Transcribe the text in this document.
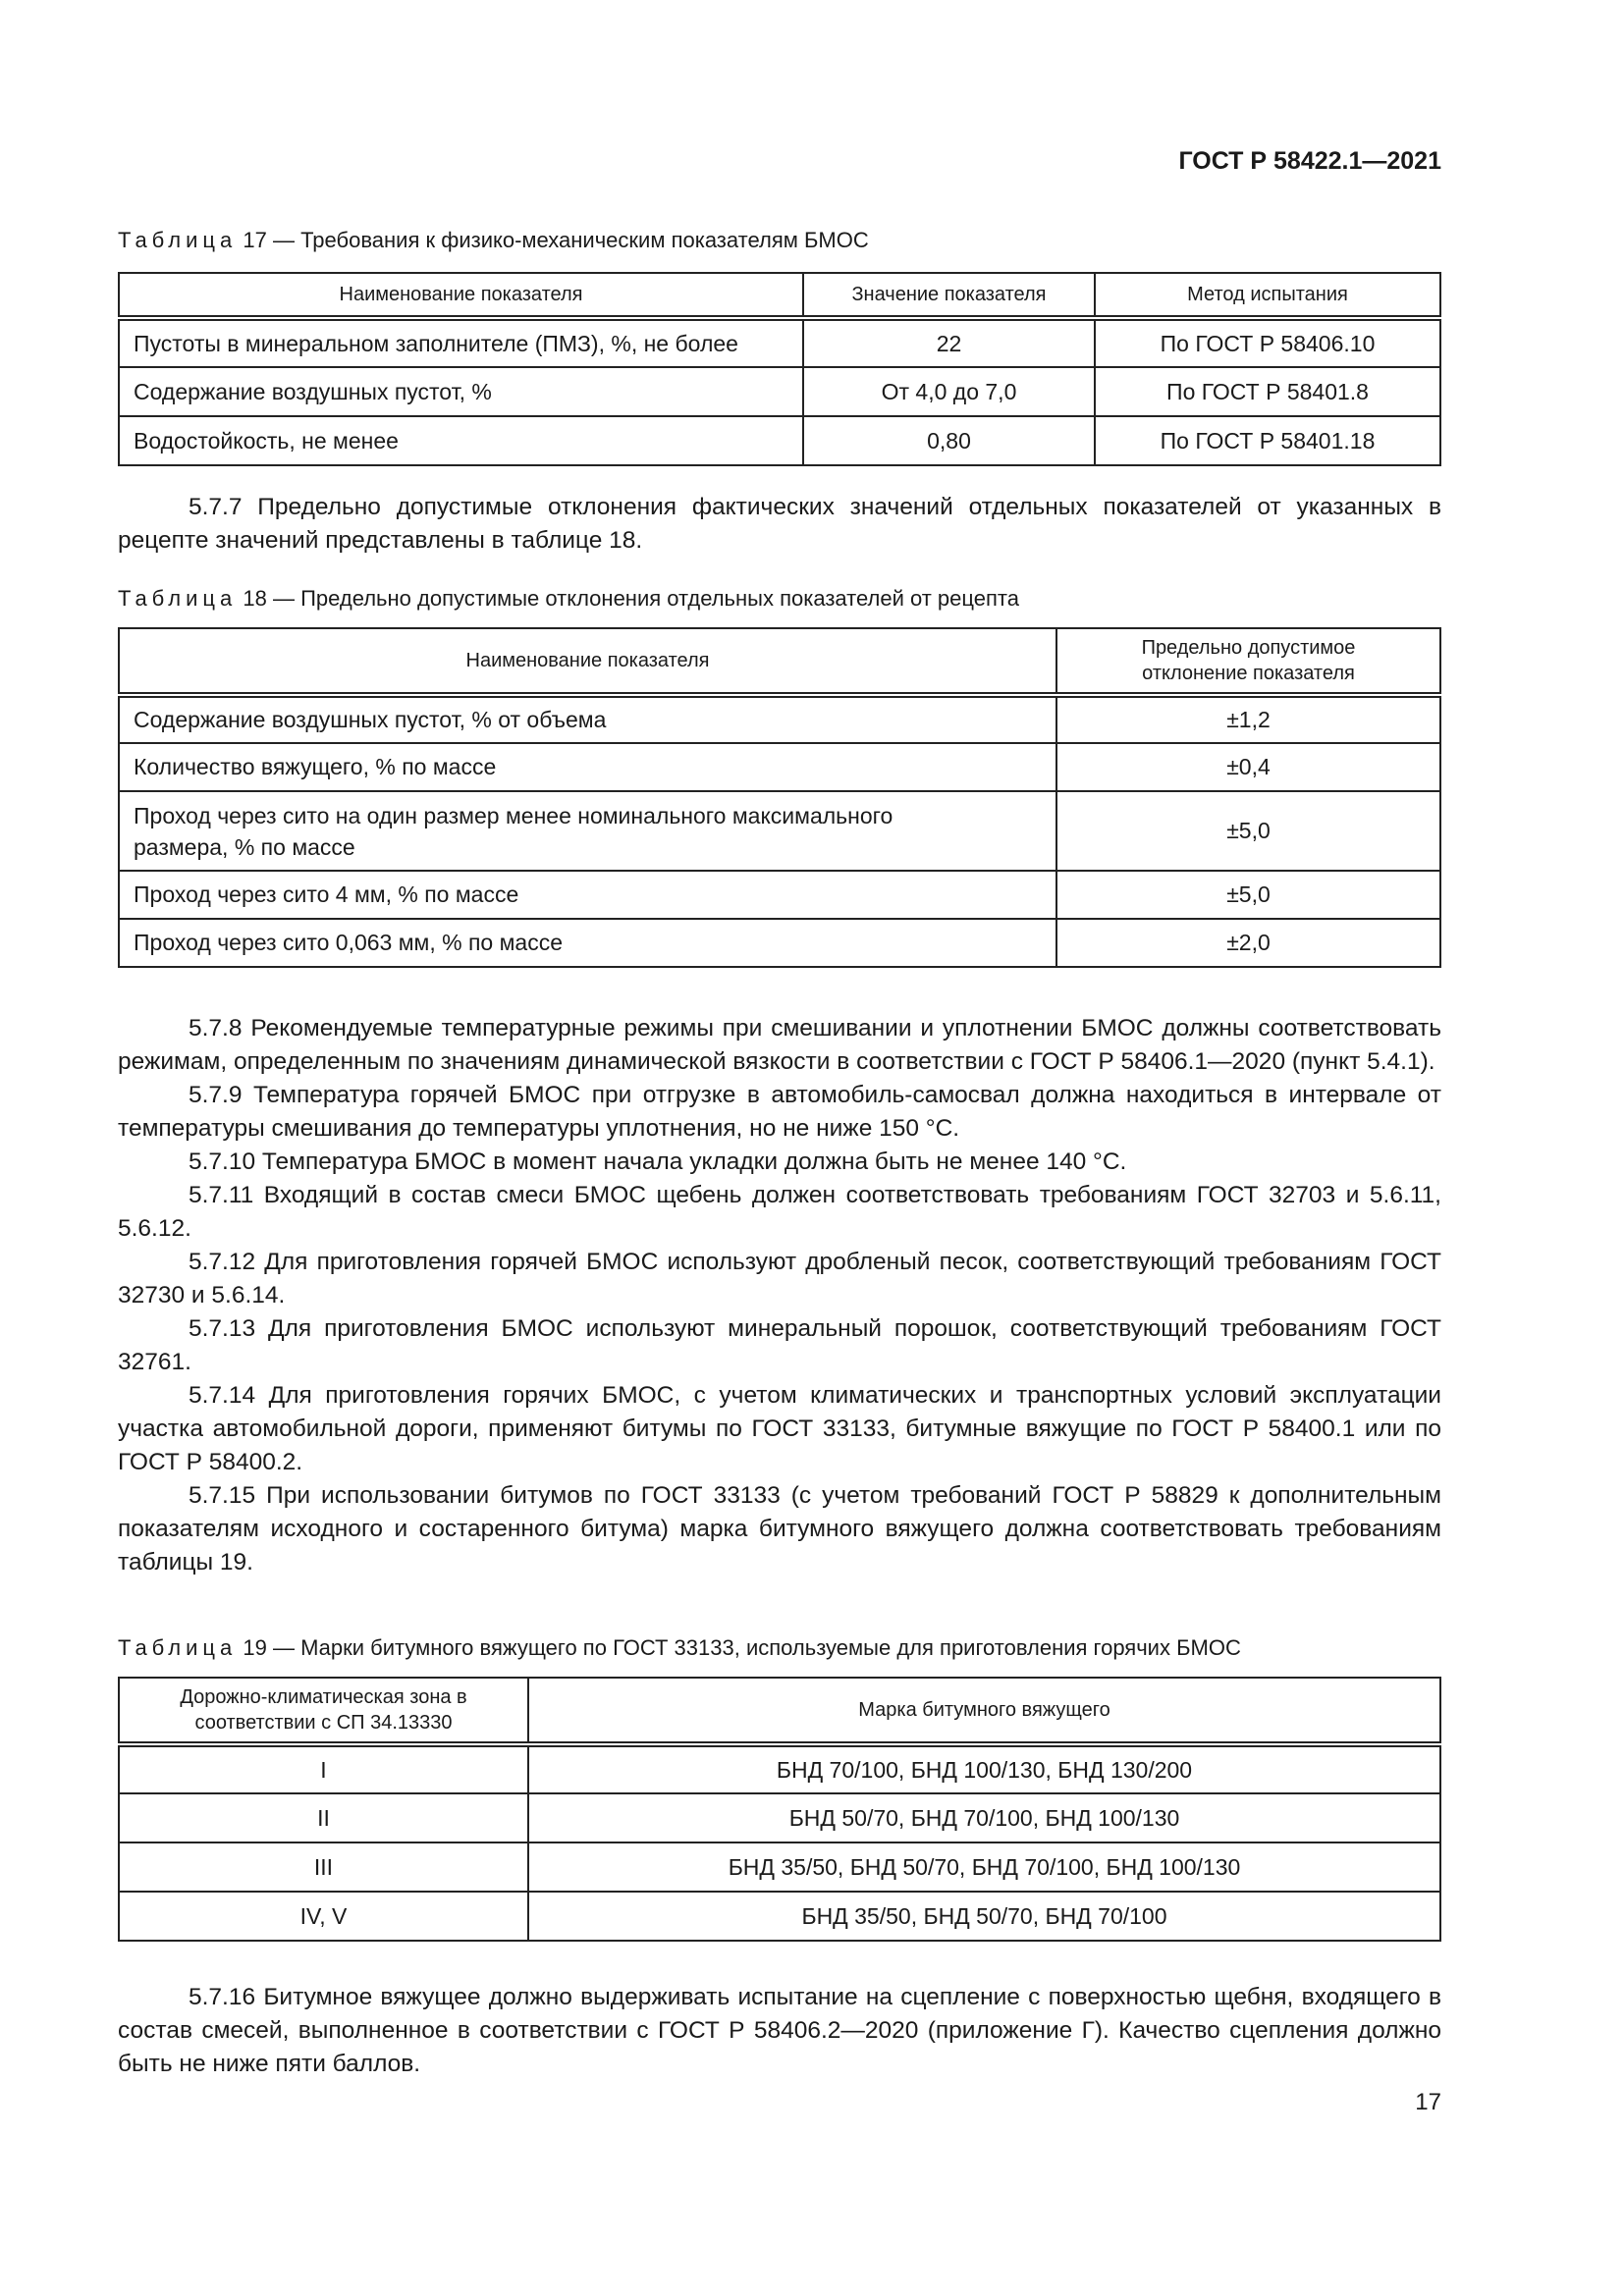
ГОСТ Р 58422.1—2021
Таблица 17 — Требования к физико-механическим показателям БМОС
Наименование показателя	Значение показателя	Метод испытания
Пустоты в минеральном заполнителе (ПМЗ), %, не более	22	По ГОСТ Р 58406.10
Содержание воздушных пустот, %	От 4,0 до 7,0	По ГОСТ Р 58401.8
Водостойкость, не менее	0,80	По ГОСТ Р 58401.18

5.7.7 Предельно допустимые отклонения фактических значений отдельных показателей от указанных в рецепте значений представлены в таблице 18.

Таблица 18 — Предельно допустимые отклонения отдельных показателей от рецепта
Наименование показателя	Предельно допустимое отклонение показателя
Содержание воздушных пустот, % от объема	±1,2
Количество вяжущего, % по массе	±0,4
Проход через сито на один размер менее номинального максимального размера, % по массе	±5,0
Проход через сито 4 мм, % по массе	±5,0
Проход через сито 0,063 мм, % по массе	±2,0

5.7.8 Рекомендуемые температурные режимы при смешивании и уплотнении БМОС должны соответствовать режимам, определенным по значениям динамической вязкости в соответствии с ГОСТ Р 58406.1—2020 (пункт 5.4.1).

5.7.9 Температура горячей БМОС при отгрузке в автомобиль-самосвал должна находиться в интервале от температуры смешивания до температуры уплотнения, но не ниже 150 °С.

5.7.10 Температура БМОС в момент начала укладки должна быть не менее 140 °С.

5.7.11 Входящий в состав смеси БМОС щебень должен соответствовать требованиям ГОСТ 32703 и 5.6.11, 5.6.12.

5.7.12 Для приготовления горячей БМОС используют дробленый песок, соответствующий требованиям ГОСТ 32730 и 5.6.14.

5.7.13 Для приготовления БМОС используют минеральный порошок, соответствующий требованиям ГОСТ 32761.

5.7.14 Для приготовления горячих БМОС, с учетом климатических и транспортных условий эксплуатации участка автомобильной дороги, применяют битумы по ГОСТ 33133, битумные вяжущие по ГОСТ Р 58400.1 или по ГОСТ Р 58400.2.

5.7.15 При использовании битумов по ГОСТ 33133 (с учетом требований ГОСТ Р 58829 к дополнительным показателям исходного и состаренного битума) марка битумного вяжущего должна соответствовать требованиям таблицы 19.

Таблица 19 — Марки битумного вяжущего по ГОСТ 33133, используемые для приготовления горячих БМОС
Дорожно-климатическая зона в соответствии с СП 34.13330	Марка битумного вяжущего
I	БНД 70/100, БНД 100/130, БНД 130/200
II	БНД 50/70, БНД 70/100, БНД 100/130
III	БНД 35/50, БНД 50/70, БНД 70/100, БНД 100/130
IV, V	БНД 35/50, БНД 50/70, БНД 70/100

5.7.16 Битумное вяжущее должно выдерживать испытание на сцепление с поверхностью щебня, входящего в состав смесей, выполненное в соответствии с ГОСТ Р 58406.2—2020 (приложение Г). Качество сцепления должно быть не ниже пяти баллов.

17
